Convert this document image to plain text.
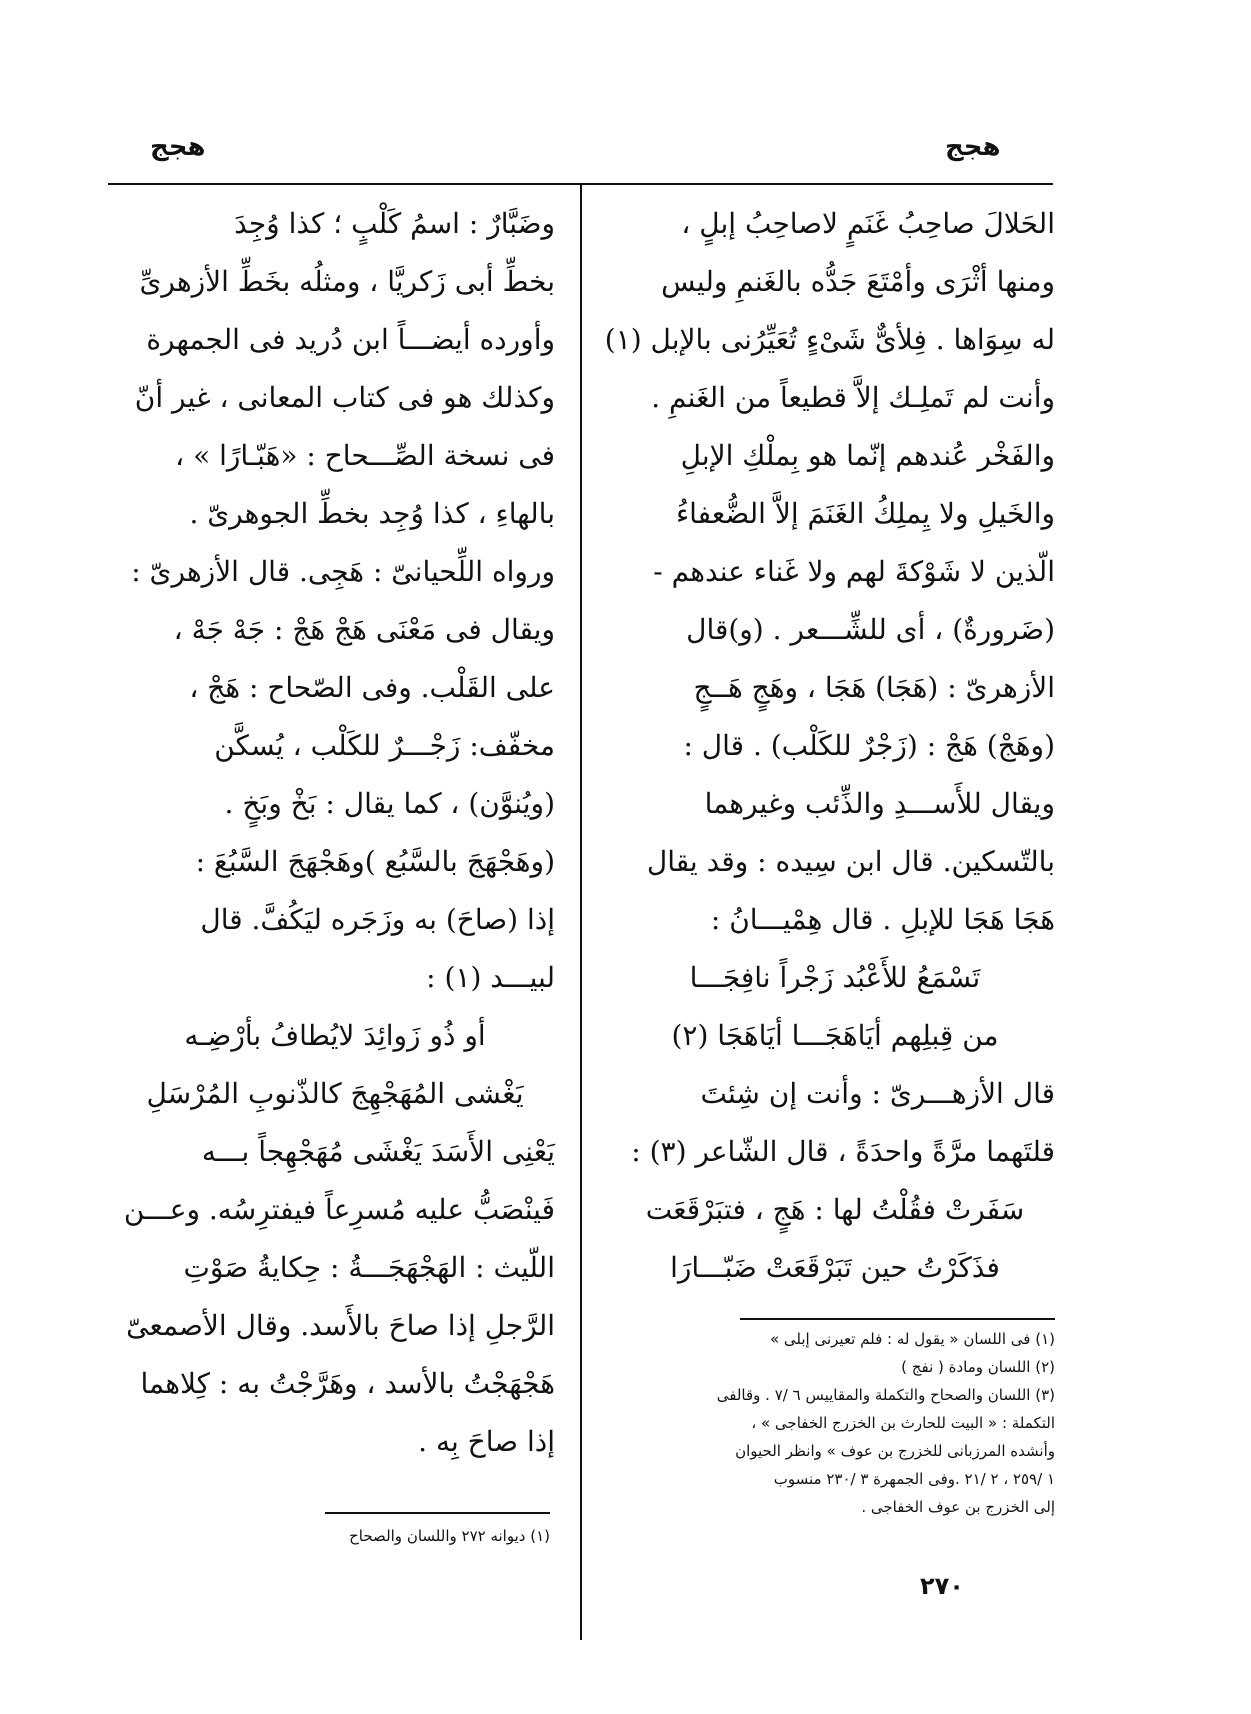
هجج	هجج
الحَلالَ صاحِبُ غَنَمٍ لاصاحِبُ إبلٍ ،
ومنها أثْرَى وأمْتَعَ جَدُّه بالغَنمِ وليس
له سِوَاها . فِلأىٌّ شَىْءٍ تُعَيِّرُنى بالإبل (١)
وأنت لم تَملِـك إلاَّ قطيعاً من الغَنمِ .
والفَخْر عُندهم إنّما هو بِملْكِ الإبلِ
والخَيلِ ولا يِملِكُ الغَنَمَ إلاَّ الضُّعفاءُ
الّذين لا شَوْكةَ لهم ولا غَناء عندهم -
(ضَرورةٌ) ، أى للشِّـــعر . (و)قال
الأزهرىّ : (هَجَا) هَجَا ، وهَجٍ هَــجٍ
(وهَجْ) هَجْ : (زَجْرٌ للكَلْب) . قال :
ويقال للأَســـدِ والذِّئب وغيرهما
بالتّسكين. قال ابن سِيده : وقد يقال
هَجَا هَجَا للإبلِ . قال هِمْيـــانُ :
تَسْمَعُ للأَعْبُد زَجْراً نافِجَـــا
من قِبلِهم أيَاهَجَـــا أيَاهَجَا (٢)
قال الأزهـــرىّ : وأنت إن شِئتَ
قلتَهما مرَّةً واحدَةً ، قال الشّاعر (٣) :
سَفَرتْ فقُلْتُ لها : هَجٍ ، فتبَرْقَعَت
فذَكَرْتُ حين تَبَرْقَعَتْ ضَبّـــارَا
(١) فى اللسان « يقول له : فلم تعيرنى إبلى »
(٢) اللسان ومادة ( نفج )
(٣) اللسان والصحاح والتكملة والمقاييس ٦ /٧ . وقالفى
التكملة : « البيت للحارث بن الخزرج الخفاجى » ،
وأنشده المرزبانى للخزرج بن عوف » وانظر الحيوان
١ /٢٥٩ ، ٢ /٢١ .وفى الجمهرة ٣ /٢٣٠ منسوب
إلى الخزرج بن عوف الخفاجى .
وضَبَّارٌ : اسمُ كَلْبٍ ؛ كذا وُجِدَ
بخطِّ أبى زَكريَّا ، ومثلُه بخَطِّ الأزهرىِّ
وأورده أيضـــاً ابن دُريد فى الجمهرة
وكذلك هو فى كتاب المعانى ، غير أنّ
فى نسخة الصِّـــحاح : «هَبّـارًا » ،
بالهاءِ ، كذا وُجِد بخطِّ الجوهرىّ .
ورواه اللِّحيانىّ : هَجِى. قال الأزهرىّ :
ويقال فى مَعْنَى هَجْ هَجْ : جَهْ جَهْ ،
على القَلْب. وفى الصّحاح : هَجْ ،
مخفّف: زَجْـــرٌ للكَلْب ، يُسكَّن
(ويُنوَّن) ، كما يقال : بَخْ وبَخٍ .
(وهَجْهَجَ بالسَّبُع )وهَجْهَجَ السَّبُعَ :
إذا (صاحَ) به وزَجَره ليَكُفَّ. قال
لبيـــد (١) :
أو ذُو زَوائِدَ لايُطافُ بأرْضِـه
يَغْشى المُهَجْهِجَ كالذّنوبِ المُرْسَلِ
يَعْنِى الأَسَدَ يَغْشَى مُهَجْهِجاً بـــه
فَينْصَبُّ عليه مُسرِعاً فيفترِسُه. وعـــن
اللّيث : الهَجْهَجَـــةُ : حِكايةُ صَوْتِ
الرَّجلِ إذا صاحَ بالأَسد. وقال الأصمعىّ
هَجْهَجْتُ بالأسد ، وهَرَّجْتُ به : كِلاهما
إذا صاحَ بِه .
(١) ديوانه ٢٧٢ واللسان والصحاح
٢٧٠
